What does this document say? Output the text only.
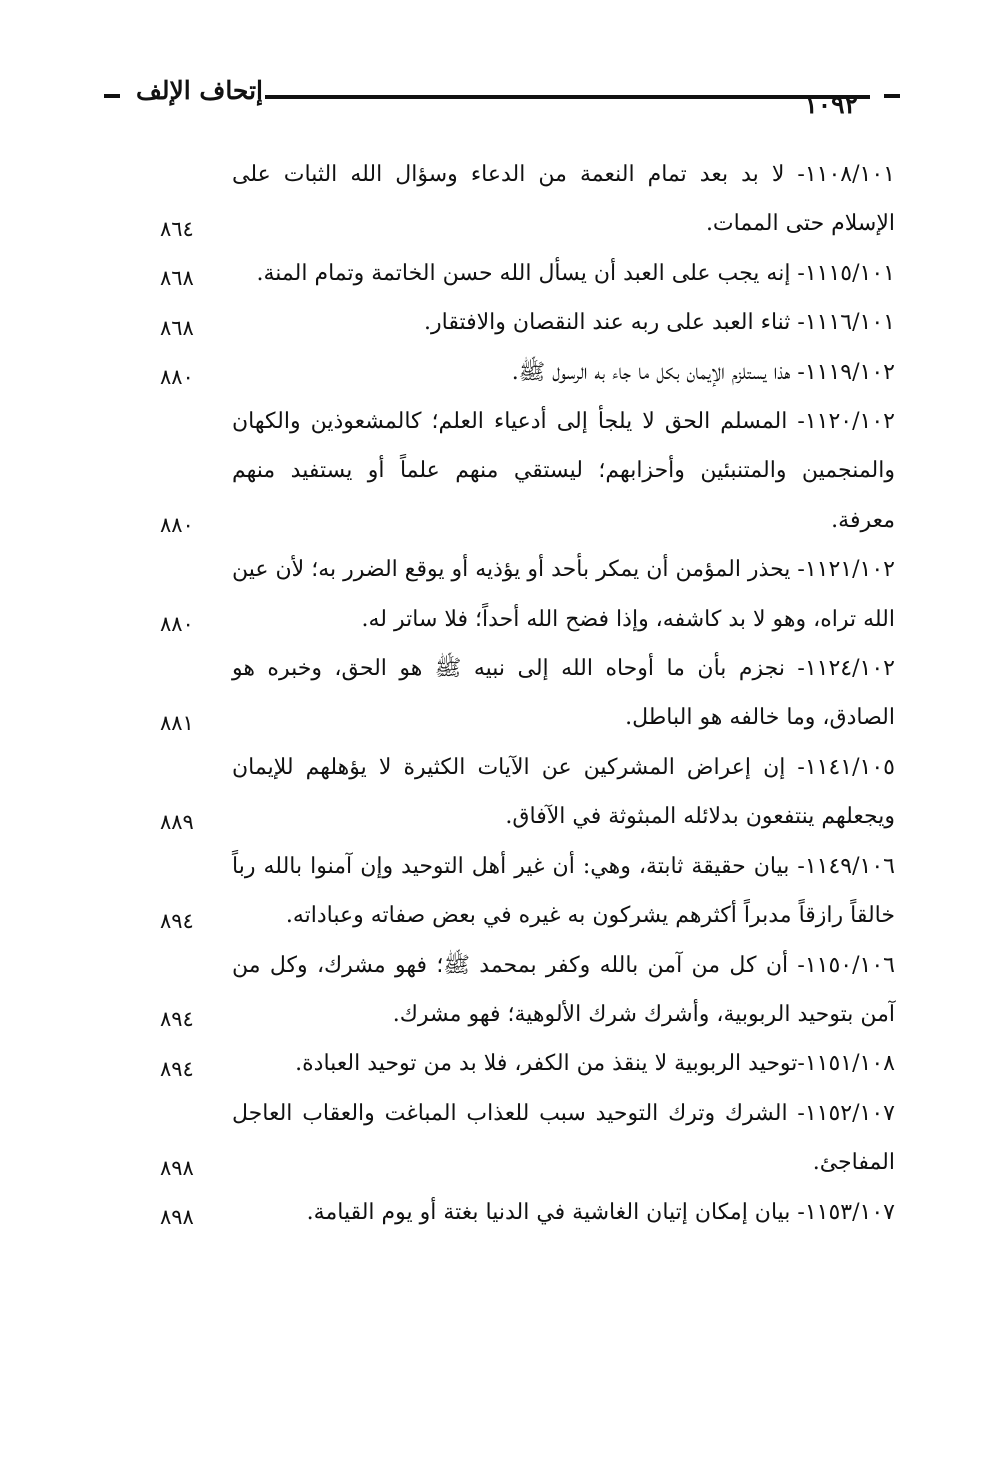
إتحاف الإلف	١٠٩٢
١١٠٨/١٠١- لا بد بعد تمام النعمة من الدعاء وسؤال الله الثبات على الإسلام حتى الممات.
٨٦٤
١١١٥/١٠١- إنه يجب على العبد أن يسأل الله حسن الخاتمة وتمام المنة.
٨٦٨
١١١٦/١٠١- ثناء العبد على ربه عند النقصان والافتقار.
٨٦٨
١١١٩/١٠٢- هذا يستلزم الإيمان بكل ما جاء به الرسول ﷺ.
٨٨٠
١١٢٠/١٠٢- المسلم الحق لا يلجأ إلى أدعياء العلم؛ كالمشعوذين والكهان والمنجمين والمتنبئين وأحزابهم؛ ليستقي منهم علماً أو يستفيد منهم معرفة.
٨٨٠
١١٢١/١٠٢- يحذر المؤمن أن يمكر بأحد أو يؤذيه أو يوقع الضرر به؛ لأن عين الله تراه، وهو لا بد كاشفه، وإذا فضح الله أحداً؛ فلا ساتر له.
٨٨٠
١١٢٤/١٠٢- نجزم بأن ما أوحاه الله إلى نبيه ﷺ هو الحق، وخبره هو الصادق، وما خالفه هو الباطل.
٨٨١
١١٤١/١٠٥- إن إعراض المشركين عن الآيات الكثيرة لا يؤهلهم للإيمان ويجعلهم ينتفعون بدلائله المبثوثة في الآفاق.
٨٨٩
١١٤٩/١٠٦- بيان حقيقة ثابتة، وهي: أن غير أهل التوحيد وإن آمنوا بالله رباً خالقاً رازقاً مدبراً أكثرهم يشركون به غيره في بعض صفاته وعباداته.
٨٩٤
١١٥٠/١٠٦- أن كل من آمن بالله وكفر بمحمد ﷺ؛ فهو مشرك، وكل من آمن بتوحيد الربوبية، وأشرك شرك الألوهية؛ فهو مشرك.
٨٩٤
١١٥١/١٠٨-توحيد الربوبية لا ينقذ من الكفر، فلا بد من توحيد العبادة.
٨٩٤
١١٥٢/١٠٧- الشرك وترك التوحيد سبب للعذاب المباغت والعقاب العاجل المفاجئ.
٨٩٨
١١٥٣/١٠٧- بيان إمكان إتيان الغاشية في الدنيا بغتة أو يوم القيامة.
٨٩٨
